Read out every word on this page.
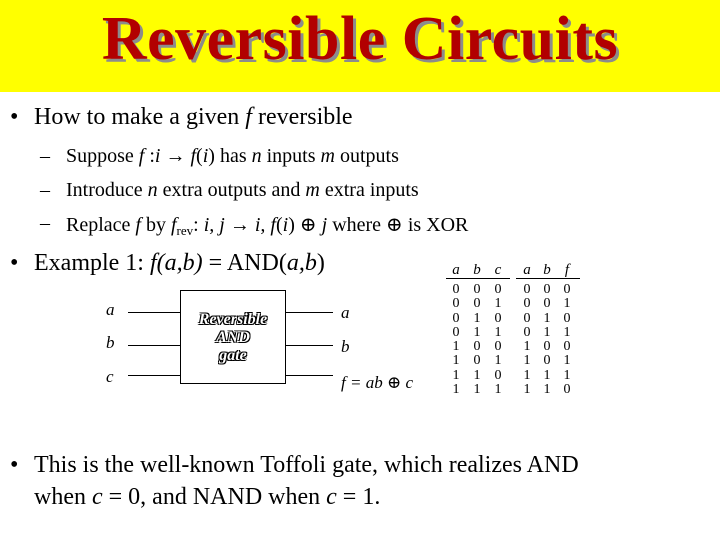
Reversible Circuits
• How to make a given f reversible
– Suppose f :i → f(i) has n inputs m outputs
– Introduce n extra outputs and m extra inputs
– Replace f by $f_{rev}$: i, j → i, f(i) ⊕ j where ⊕ is XOR
• Example 1: f(a,b) = AND(a,b)
a
b
c
Reversible
AND
gate
a
b
f = ab ⊕ c
a b c	a b f
0
0
0
0
1
1
1
1
0
0
1
1
0
0
1
1
0
1
0
1
0
1
0
1
0
0
0
0
1
1
1
1
0
0
1
1
0
0
1
1
0
1
0
1
0
1
1
0
• This is the well-known Toffoli gate, which realizes AND
when c = 0, and NAND when c = 1.
